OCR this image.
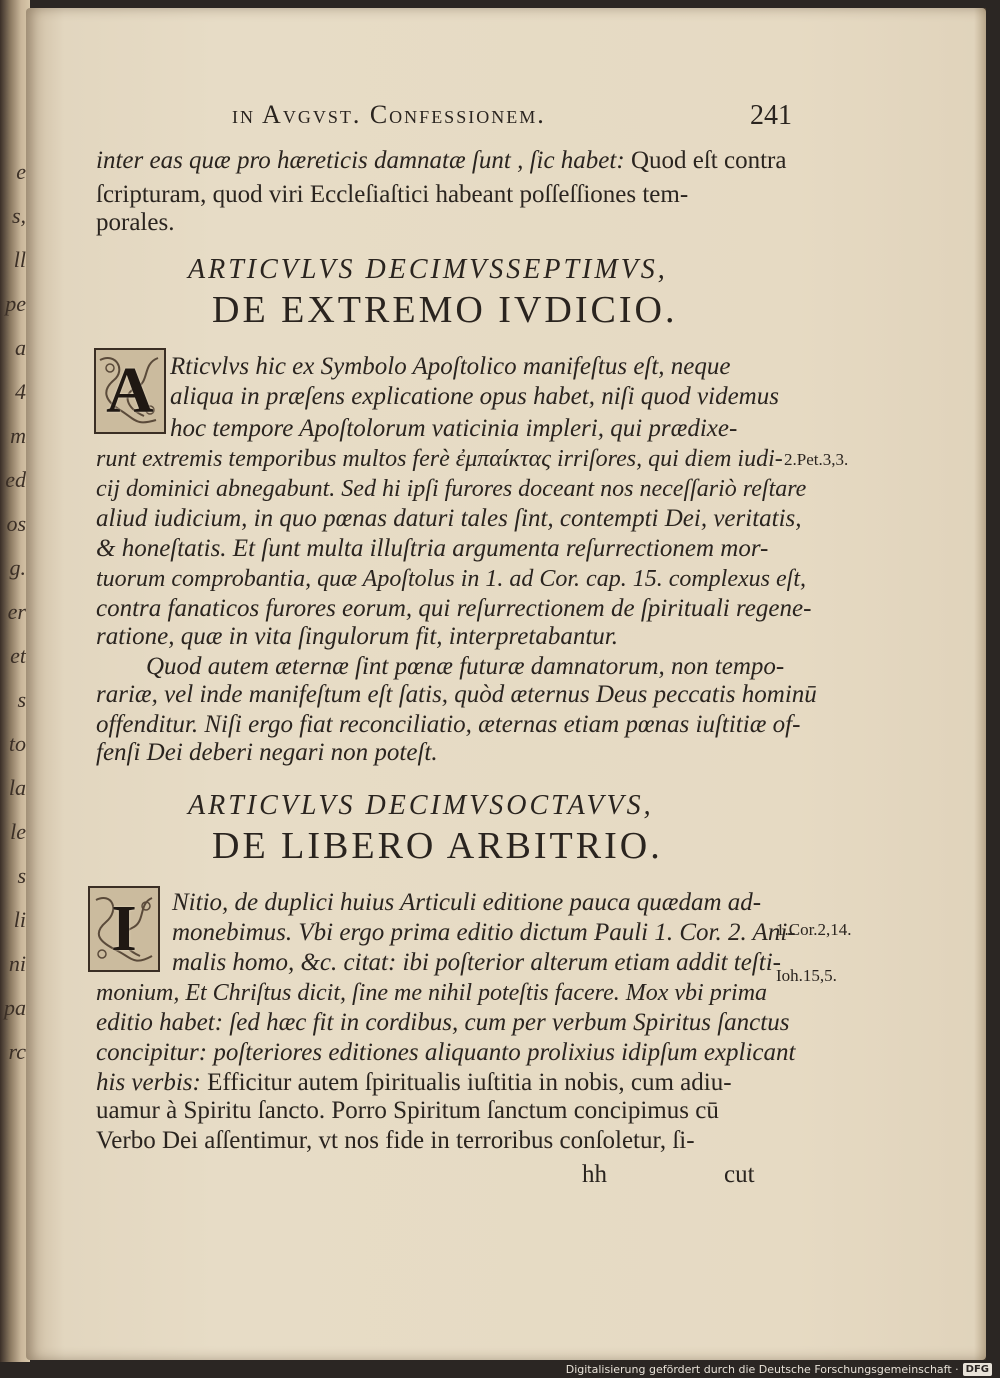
e
s,
ll
pe
a
4
m
ed
os
g.
er
et
s
to
la
le
s
li
ni
pa
rc
in Avgvst. Confessionem.	241
inter eas quæ pro hæreticis damnatæ ſunt , ſic habet: Quod eſt contra
ſcripturam, quod viri Eccleſiaſtici habeant poſſeſſiones tem-
porales.
ARTICVLVS DECIMVSSEPTIMVS,
DE EXTREMO IVDICIO.
A Rticvlvs hic ex Symbolo Apoſtolico manifeſtus eſt, neque
aliqua in præſens explicatione opus habet, niſi quod videmus
hoc tempore Apoſtolorum vaticinia impleri, qui prædixe-
runt extremis temporibus multos ferè ἐμπαίκτας irriſores, qui diem iudi-
cij dominici abnegabunt. Sed hi ipſi furores doceant nos neceſſariò reſtare
aliud iudicium, in quo pœnas daturi tales ſint, contempti Dei, veritatis,
& honeſtatis. Et ſunt multa illuſtria argumenta reſurrectionem mor-
tuorum comprobantia, quæ Apoſtolus in 1. ad Cor. cap. 15. complexus eſt,
contra fanaticos furores eorum, qui reſurrectionem de ſpirituali regene-
ratione, quæ in vita ſingulorum fit, interpretabantur.
Quod autem æternæ ſint pœnæ futuræ damnatorum, non tempo-
rariæ, vel inde manifeſtum eſt ſatis, quòd æternus Deus peccatis hominū
offenditur. Niſi ergo fiat reconciliatio, æternas etiam pœnas iuſtitiæ of-
fenſi Dei deberi negari non poteſt.
2.Pet.3,3.
ARTICVLVS DECIMVSOCTAVVS,
DE LIBERO ARBITRIO.
I Nitio, de duplici huius Articuli editione pauca quædam ad-
monebimus. Vbi ergo prima editio dictum Pauli 1. Cor. 2. Ani-
malis homo, &c. citat: ibi poſterior alterum etiam addit teſti-
monium, Et Chriſtus dicit, ſine me nihil poteſtis facere. Mox vbi prima
editio habet: ſed hæc fit in cordibus, cum per verbum Spiritus ſanctus
concipitur: poſteriores editiones aliquanto prolixius idipſum explicant
his verbis: Efficitur autem ſpiritualis iuſtitia in nobis, cum adiu-
uamur à Spiritu ſancto. Porro Spiritum ſanctum concipimus cū
Verbo Dei aſſentimur, vt nos fide in terroribus conſoletur, ſi-
1.Cor.2,14.
Ioh.15,5.
hh	cut
Digitalisierung gefördert durch die Deutsche Forschungsgemeinschaft · DFG
